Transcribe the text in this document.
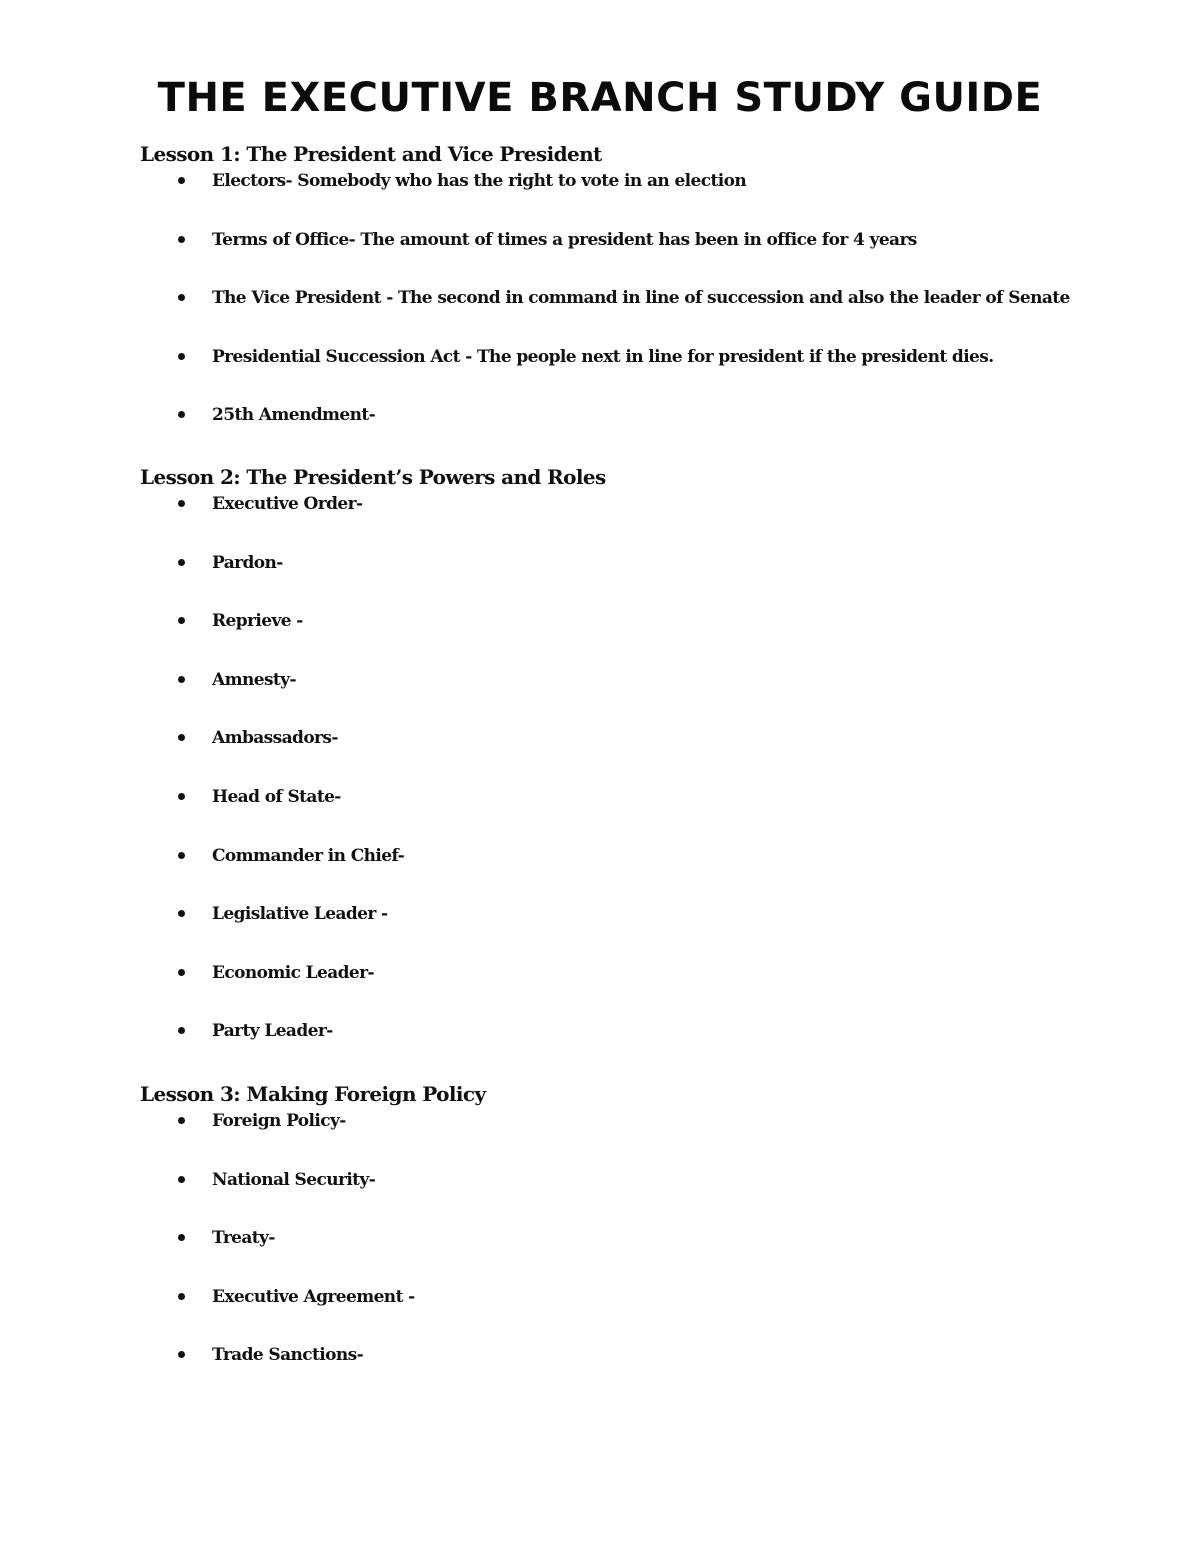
THE EXECUTIVE BRANCH STUDY GUIDE
Lesson 1: The President and Vice President
Electors- Somebody who has the right to vote in an election
Terms of Office- The amount of times a president has been in office for 4 years
The Vice President - The second in command in line of succession and also the leader of Senate
Presidential Succession Act - The people next in line for president if the president dies.
25th Amendment-
Lesson 2: The President’s Powers and Roles
Executive Order-
Pardon-
Reprieve -
Amnesty-
Ambassadors-
Head of State-
Commander in Chief-
Legislative Leader -
Economic Leader-
Party Leader-
Lesson 3: Making Foreign Policy
Foreign Policy-
National Security-
Treaty-
Executive Agreement -
Trade Sanctions-
